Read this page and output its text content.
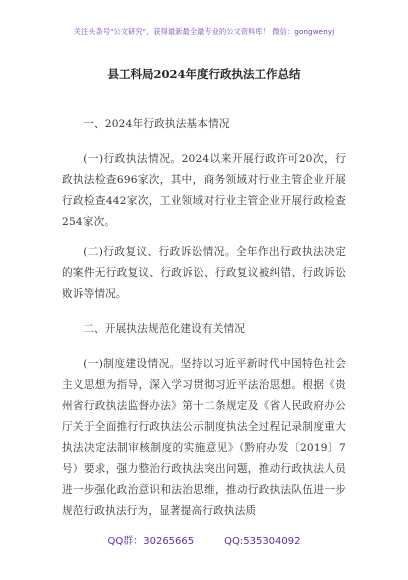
关注头条号"公文研究"，获得最新最全最专业的公文资料库！ 微信：gongwenyj
县工科局2024年度行政执法工作总结

一、2024年行政执法基本情况

(一)行政执法情况。2024以来开展行政许可20次，行政执法检查696家次，其中，商务领域对行业主管企业开展行政检查442家次，工业领域对行业主管企业开展行政检查254家次。

(二)行政复议、行政诉讼情况。全年作出行政执法决定的案件无行政复议、行政诉讼、行政复议被纠错、行政诉讼败诉等情况。

二、开展执法规范化建设有关情况

(一)制度建设情况。坚持以习近平新时代中国特色社会主义思想为指导，深入学习贯彻习近平法治思想。根据《贵州省行政执法监督办法》第十二条规定及《省人民政府办公厅关于全面推行行政执法公示制度执法全过程记录制度重大执法决定法制审核制度的实施意见》（黔府办发〔2019〕7号）要求，强力整治行政执法突出问题，推动行政执法人员进一步强化政治意识和法治思维，推动行政执法队伍进一步规范行政执法行为，显著提高行政执法质

QQ群：30265665	QQ:535304092
